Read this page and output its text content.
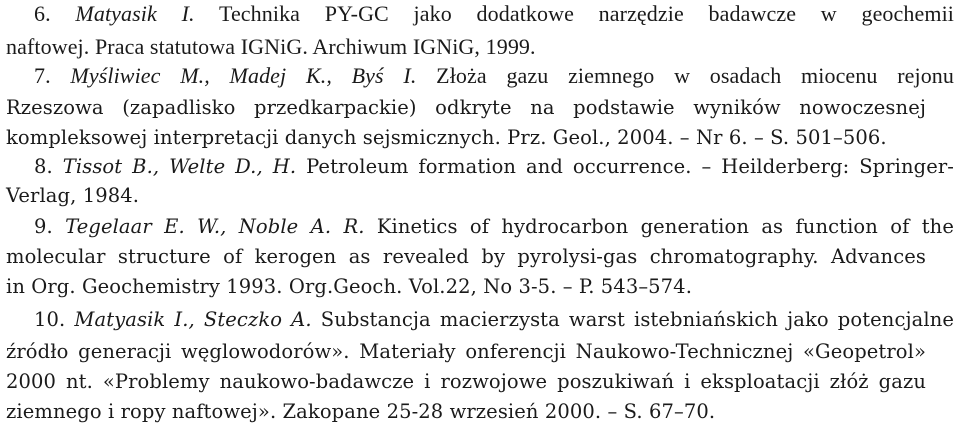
6. Matyasik I. Technika PY-GC jako dodatkowe narzędzie badawcze w geochemii
naftowej. Praca statutowa IGNiG. Archiwum IGNiG, 1999.
7. Myśliwiec M., Madej K., Byś I. Złoża gazu ziemnego w osadach miocenu rejonu
Rzeszowa (zapadlisko przedkarpackie) odkryte na podstawie wyników nowoczesnej
kompleksowej interpretacji danych sejsmicznych. Prz. Geol., 2004. – Nr 6. – S. 501–506.
8. Tissot B., Welte D., H. Petroleum formation and occurrence. – Heilderberg: Springer-
Verlag, 1984.
9. Tegelaar E. W., Noble A. R. Kinetics of hydrocarbon generation as function of the
molecular structure of kerogen as revealed by pyrolysi-gas chromatography. Advances
in Org. Geochemistry 1993. Org.Geoch. Vol.22, No 3-5. – P. 543–574.
10. Matyasik I., Steczko A. Substancja macierzysta warst istebniańskich jako potencjalne
źródło generacji węglowodorów». Materiały onferencji Naukowo-Technicznej «Geopetrol»
2000 nt. «Problemy naukowo-badawcze i rozwojowe poszukiwań i eksploatacji złóż gazu
ziemnego i ropy naftowej». Zakopane 25-28 wrzesień 2000. – S. 67–70.
